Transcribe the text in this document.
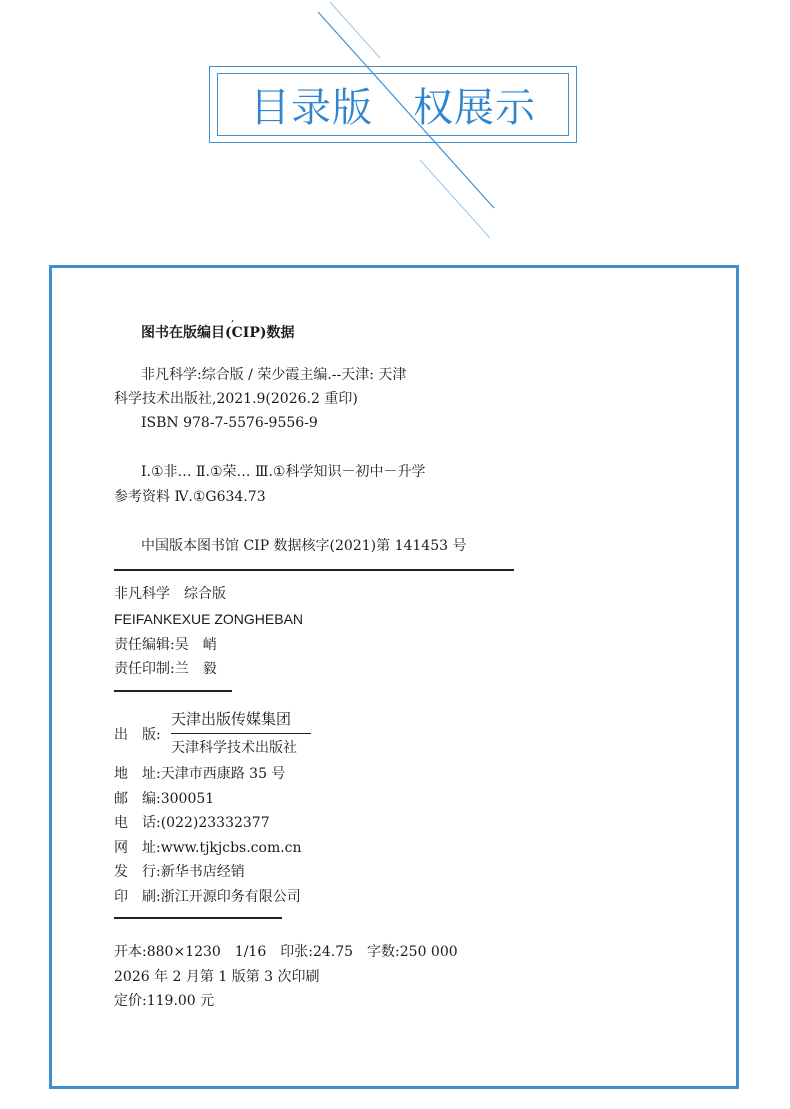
目录版 权展示
,
图书在版编目(CIP)数据
非凡科学:综合版 / 荣少霞主编.--天津: 天津
科学技术出版社,2021.9(2026.2 重印)
ISBN 978-7-5576-9556-9
Ⅰ.①非… Ⅱ.①荣… Ⅲ.①科学知识－初中－升学
参考资料 Ⅳ.①G634.73
中国版本图书馆 CIP 数据核字(2021)第 141453 号
非凡科学　综合版
FEIFANKEXUE ZONGHEBAN
责任编辑:吴　峭
责任印制:兰　毅
出　版:
天津出版传媒集团
天津科学技术出版社
地　址:天津市西康路 35 号
邮　编:300051
电　话:(022)23332377
网　址:www.tjkjcbs.com.cn
发　行:新华书店经销
印　刷:浙江开源印务有限公司
开本:880×1230　1/16　印张:24.75　字数:250 000
2026 年 2 月第 1 版第 3 次印刷
定价:119.00 元
